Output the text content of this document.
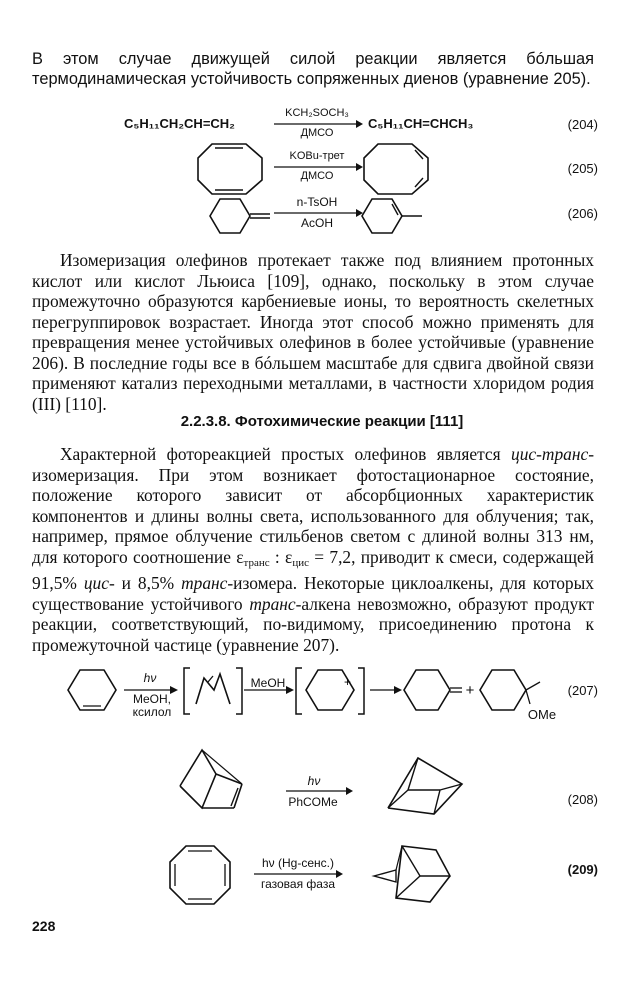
В этом случае движущей силой реакции является бóльшая термодинамическая устойчивость сопряженных диенов (уравнение 205).

C₅H₁₁CH₂CH=CH₂
KCH₂SOCH₃
ДМСО
C₅H₁₁CH=CHCH₃	(204)
KOBu-трет
ДМСО	(205)
n-TsOH
AcOH
(206)

Изомеризация олефинов протекает также под влиянием протонных кислот или кислот Льюиса [109], однако, поскольку в этом случае промежуточно образуются карбениевые ионы, то вероятность скелетных перегруппировок возрастает. Иногда этот способ можно применять для превращения менее устойчивых олефинов в более устойчивые (уравнение 206). В последние годы все в бóльшем масштабе для сдвига двойной связи применяют катализ переходными металлами, в частности хлоридом родия (III) [110].

2.2.3.8. Фотохимические реакции [111]

Характерной фотореакцией простых олефинов является цис-транс-изомеризация. При этом возникает фотостационарное состояние, положение которого зависит от абсорбционных характеристик компонентов и длины волны света, использованного для облучения; так, например, прямое облучение стильбенов светом с длиной волны 313 нм, для которого соотношение $\varepsilon_{транс}$ : $\varepsilon_{цис} = 7,2$, приводит к смеси, содержащей 91,5% цис- и 8,5% транс-изомера. Некоторые циклоалкены, для которых существование устойчивого транс-алкена невозможно, образуют продукт реакции, соответствующий, по-видимому, присоединению протона к промежуточной частице (уравнение 207).

+
hν
MeOH,
ксилол
MeOH	+
OMe
(207)
hν
PhCOMe	(208)
hν (Hg-сенс.)
газовая фаза
(209)
228
